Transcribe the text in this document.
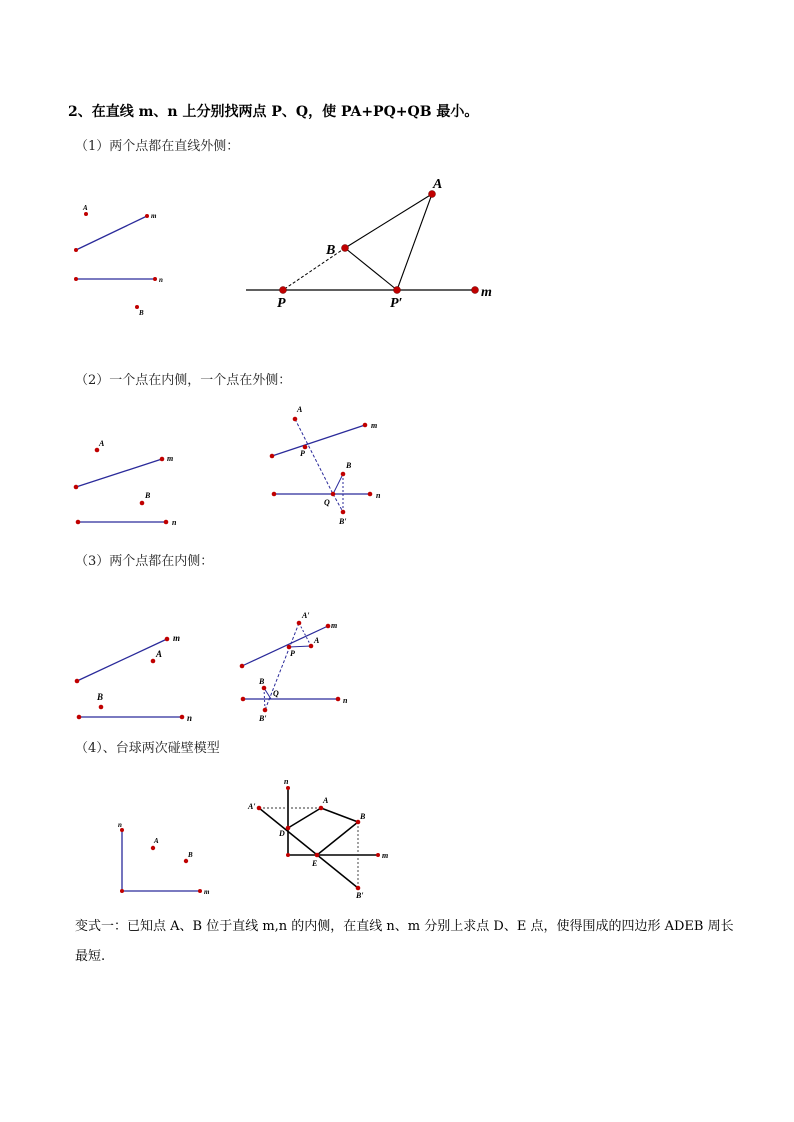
2、在直线 m、n 上分别找两点 P、Q，使 PA+PQ+QB 最小。
（1）两个点都在直线外侧：
（2）一个点在内侧，一个点在外侧：
（3）两个点都在内侧：
（4）、台球两次碰壁模型
A
m
n
B
A
B
P	P′
m
A
m
B
n
A
m
P
B
n
Q
B′
m
A
B
n
A′
m
A
P
B
Q
n
B′
n
A
B
m
n
A′
A
B
D
E
m
B′
变式一：已知点 A、B 位于直线 m,n 的内侧，在直线 n、m 分别上求点 D、E 点，使得围成的四边形 ADEB 周长最短.
